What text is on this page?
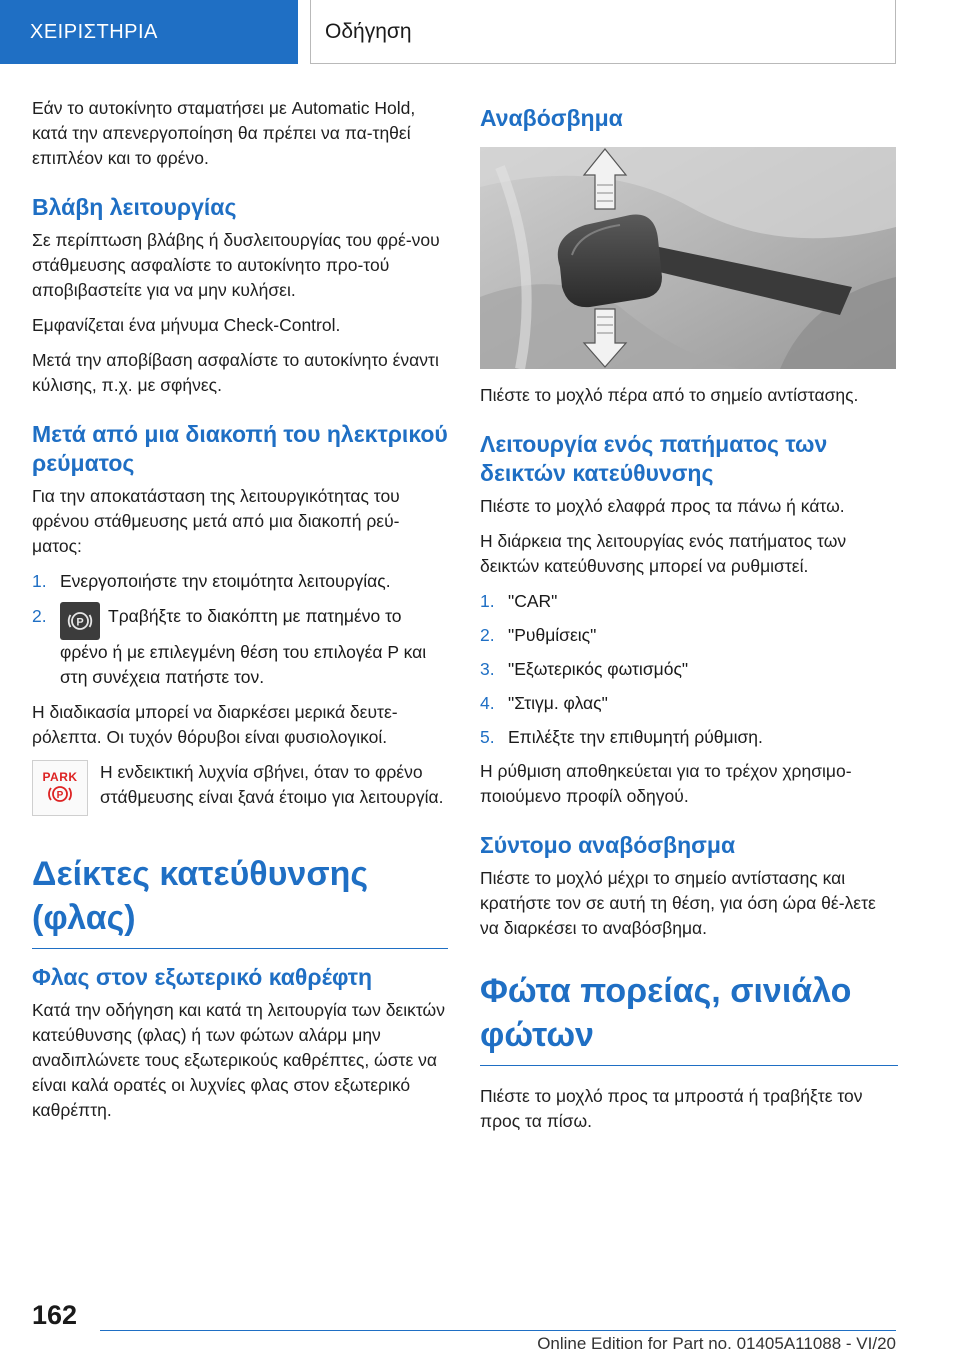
ΧΕΙΡΙΣΤΗΡΙΑ	Οδήγηση

Εάν το αυτοκίνητο σταματήσει με Automatic Hold, κατά την απενεργοποίηση θα πρέπει να πα-τηθεί επιπλέον και το φρένο.

Βλάβη λειτουργίας

Σε περίπτωση βλάβης ή δυσλειτουργίας του φρέ-νου στάθμευσης ασφαλίστε το αυτοκίνητο προ-τού αποβιβαστείτε για να μην κυλήσει.

Εμφανίζεται ένα μήνυμα Check-Control.

Μετά την αποβίβαση ασφαλίστε το αυτοκίνητο έναντι κύλισης, π.χ. με σφήνες.

Μετά από μια διακοπή του ηλεκτρικού ρεύματος

Για την αποκατάσταση της λειτουργικότητας του φρένου στάθμευσης μετά από μια διακοπή ρεύ-ματος:

1. Ενεργοποιήστε την ετοιμότητα λειτουργίας.
2.	P Τραβήξτε το διακόπτη με πατημένο το φρένο ή με επιλεγμένη θέση του επιλογέα P και στη συνέχεια πατήστε τον.

Η διαδικασία μπορεί να διαρκέσει μερικά δευτε-ρόλεπτα. Οι τυχόν θόρυβοι είναι φυσιολογικοί.

PARK
P

Η ενδεικτική λυχνία σβήνει, όταν το φρένο στάθμευσης είναι ξανά έτοιμο για λειτουργία.

Δείκτες κατεύθυνσης (φλας)
Φλας στον εξωτερικό καθρέφτη

Κατά την οδήγηση και κατά τη λειτουργία των δεικτών κατεύθυνσης (φλας) ή των φώτων αλάρμ μην αναδιπλώνετε τους εξωτερικούς καθρέπτες, ώστε να είναι καλά ορατές οι λυχνίες φλας στον εξωτερικό καθρέπτη.

Αναβόσβημα

Πιέστε το μοχλό πέρα από το σημείο αντίστασης.

Λειτουργία ενός πατήματος των δεικτών κατεύθυνσης

Πιέστε το μοχλό ελαφρά προς τα πάνω ή κάτω.

Η διάρκεια της λειτουργίας ενός πατήματος των δεικτών κατεύθυνσης μπορεί να ρυθμιστεί.

1. "CAR"
2. "Ρυθμίσεις"
3. "Εξωτερικός φωτισμός"
4. "Στιγμ. φλας"
5. Επιλέξτε την επιθυμητή ρύθμιση.

Η ρύθμιση αποθηκεύεται για το τρέχον χρησιμο-ποιούμενο προφίλ οδηγού.

Σύντομο αναβόσβησμα

Πιέστε το μοχλό μέχρι το σημείο αντίστασης και κρατήστε τον σε αυτή τη θέση, για όση ώρα θέ-λετε να διαρκέσει το αναβόσβημα.

Φώτα πορείας, σινιάλο φώτων

Πιέστε το μοχλό προς τα μπροστά ή τραβήξτε τον προς τα πίσω.

162
Online Edition for Part no. 01405A11088 - VI/20
